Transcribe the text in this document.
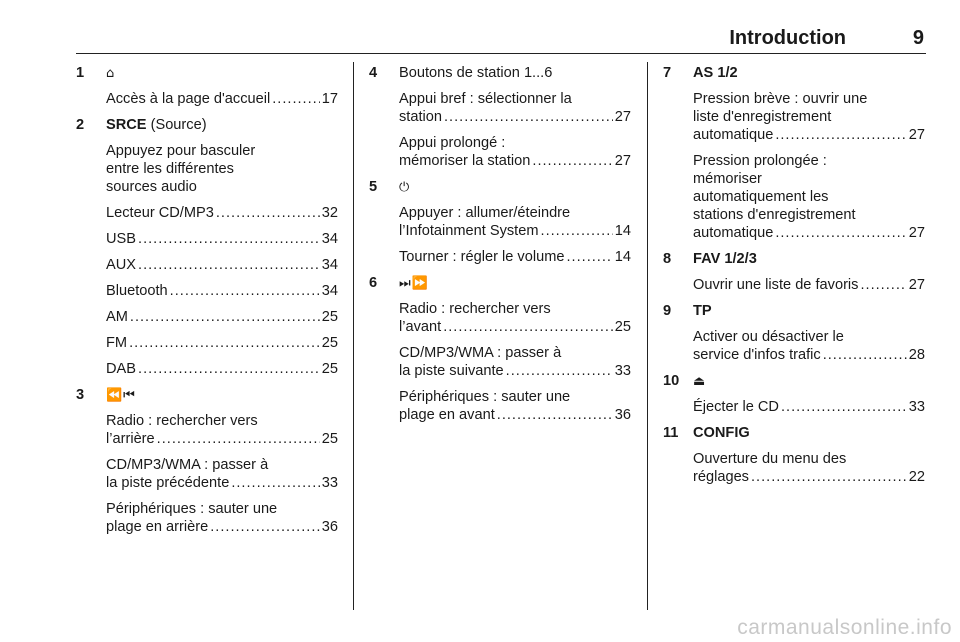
Introduction	9
1 ⌂
Accès à la page d'accueil .....	17
2 SRCE (Source)
Appuyez pour basculer
entre les différentes
sources audio
Lecteur CD/MP3 .....	32
USB .....	34
AUX .....	34
Bluetooth .....	34
AM .....	25
FM .....	25
DAB .....	25
3 ⏪⏮
Radio : rechercher vers
l’arrière .....	25
CD/MP3/WMA : passer à
la piste précédente .....	33
Périphériques : sauter une
plage en arrière .....	36
4 Boutons de station 1...6
Appui bref : sélectionner la
station .....	27
Appui prolongé :
mémoriser la station .....	27
5 ⏻
Appuyer : allumer/éteindre
l’Infotainment System .....	14
Tourner : régler le volume .....	14
6 ⏭⏩
Radio : rechercher vers
l’avant .....	25
CD/MP3/WMA : passer à
la piste suivante .....	33
Périphériques : sauter une
plage en avant .....	36
7 AS 1/2
Pression brève : ouvrir une
liste d'enregistrement
automatique .....	27
Pression prolongée :
mémoriser
automatiquement les
stations d'enregistrement
automatique .....	27
8 FAV 1/2/3
Ouvrir une liste de favoris .....	27
9 TP
Activer ou désactiver le
service d'infos trafic .....	28
10 ⏏
Éjecter le CD .....	33
11 CONFIG
Ouverture du menu des
réglages .....	22
carmanualsonline.info
